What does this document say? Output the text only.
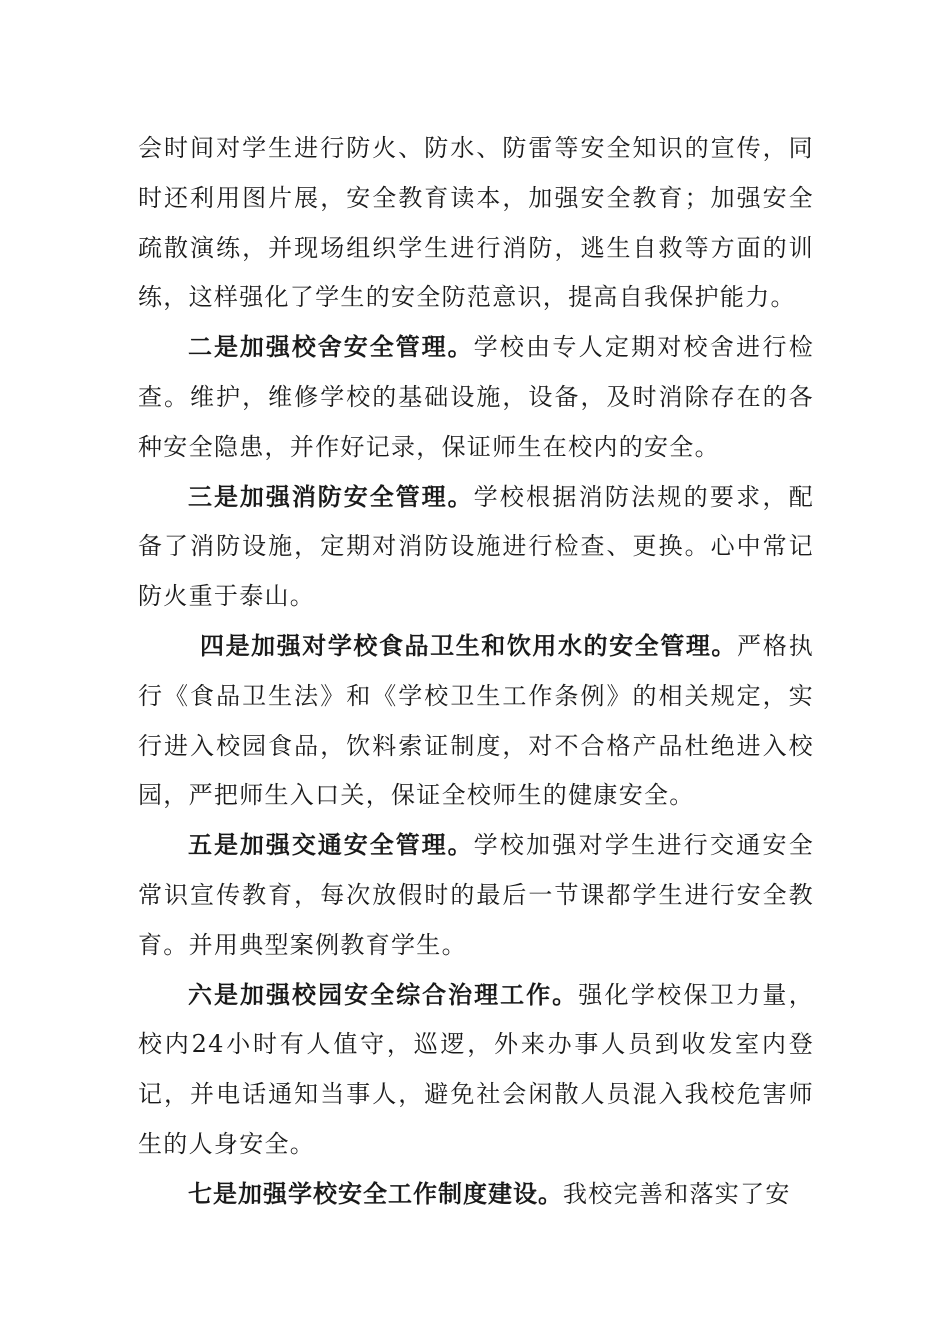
会时间对学生进行防火、防水、防雷等安全知识的宣传，同时还利用图片展，安全教育读本，加强安全教育；加强安全疏散演练，并现场组织学生进行消防，逃生自救等方面的训练，这样强化了学生的安全防范意识，提高自我保护能力。

二是加强校舍安全管理。学校由专人定期对校舍进行检查。维护，维修学校的基础设施，设备，及时消除存在的各种安全隐患，并作好记录，保证师生在校内的安全。

三是加强消防安全管理。学校根据消防法规的要求，配备了消防设施，定期对消防设施进行检查、更换。心中常记防火重于泰山。

四是加强对学校食品卫生和饮用水的安全管理。严格执行《食品卫生法》和《学校卫生工作条例》的相关规定，实行进入校园食品，饮料索证制度，对不合格产品杜绝进入校园，严把师生入口关，保证全校师生的健康安全。

五是加强交通安全管理。学校加强对学生进行交通安全常识宣传教育，每次放假时的最后一节课都学生进行安全教育。并用典型案例教育学生。

六是加强校园安全综合治理工作。强化学校保卫力量，校内24小时有人值守，巡逻，外来办事人员到收发室内登记，并电话通知当事人，避免社会闲散人员混入我校危害师生的人身安全。

七是加强学校安全工作制度建设。我校完善和落实了安
